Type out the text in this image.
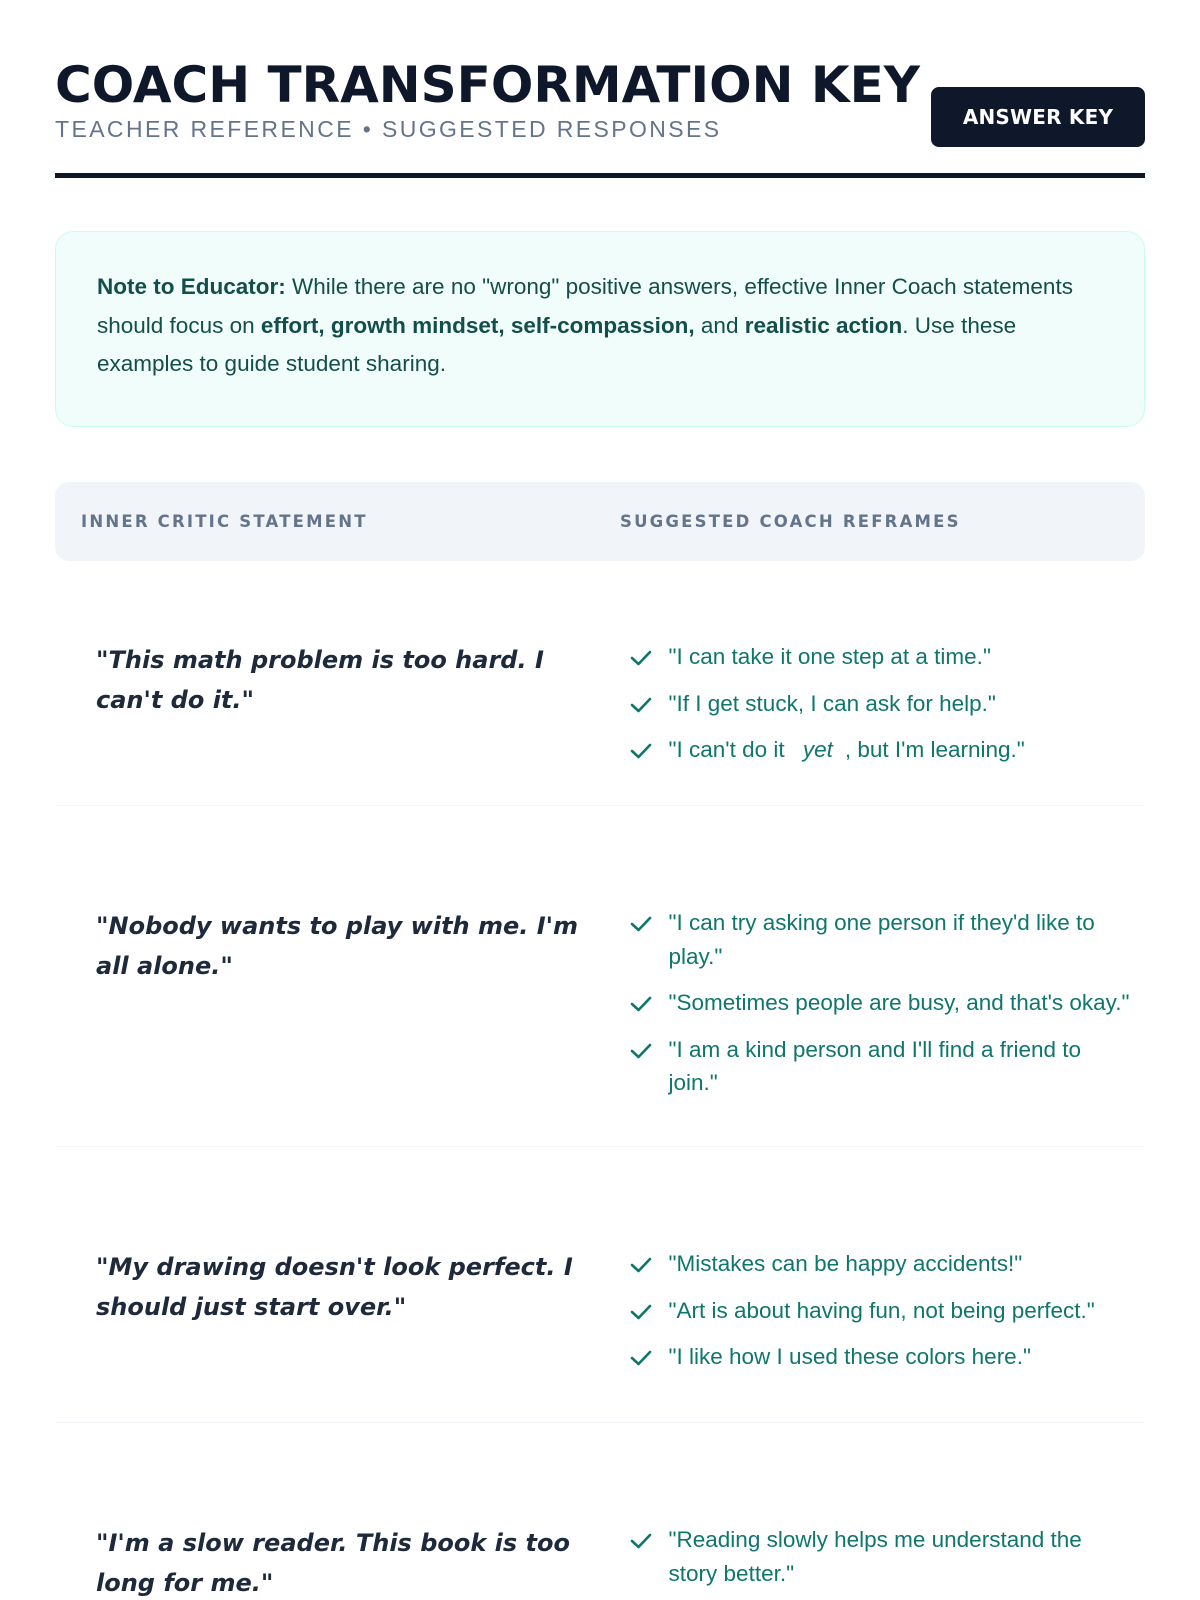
COACH TRANSFORMATION KEY
TEACHER REFERENCE • SUGGESTED RESPONSES	ANSWER KEY
Note to Educator: While there are no "wrong" positive answers, effective Inner Coach statements should focus on effort, growth mindset, self-compassion, and realistic action. Use these examples to guide student sharing.
INNER CRITIC STATEMENT	SUGGESTED COACH REFRAMES
"This math problem is too hard. I can't do it."
"I can take it one step at a time."
"If I get stuck, I can ask for help."
"I can't do it yet , but I'm learning."
"Nobody wants to play with me. I'm all alone."
"I can try asking one person if they'd like to play."
"Sometimes people are busy, and that's okay."
"I am a kind person and I'll find a friend to join."
"My drawing doesn't look perfect. I should just start over."
"Mistakes can be happy accidents!"
"Art is about having fun, not being perfect."
"I like how I used these colors here."
"I'm a slow reader. This book is too long for me."
"Reading slowly helps me understand the story better."
